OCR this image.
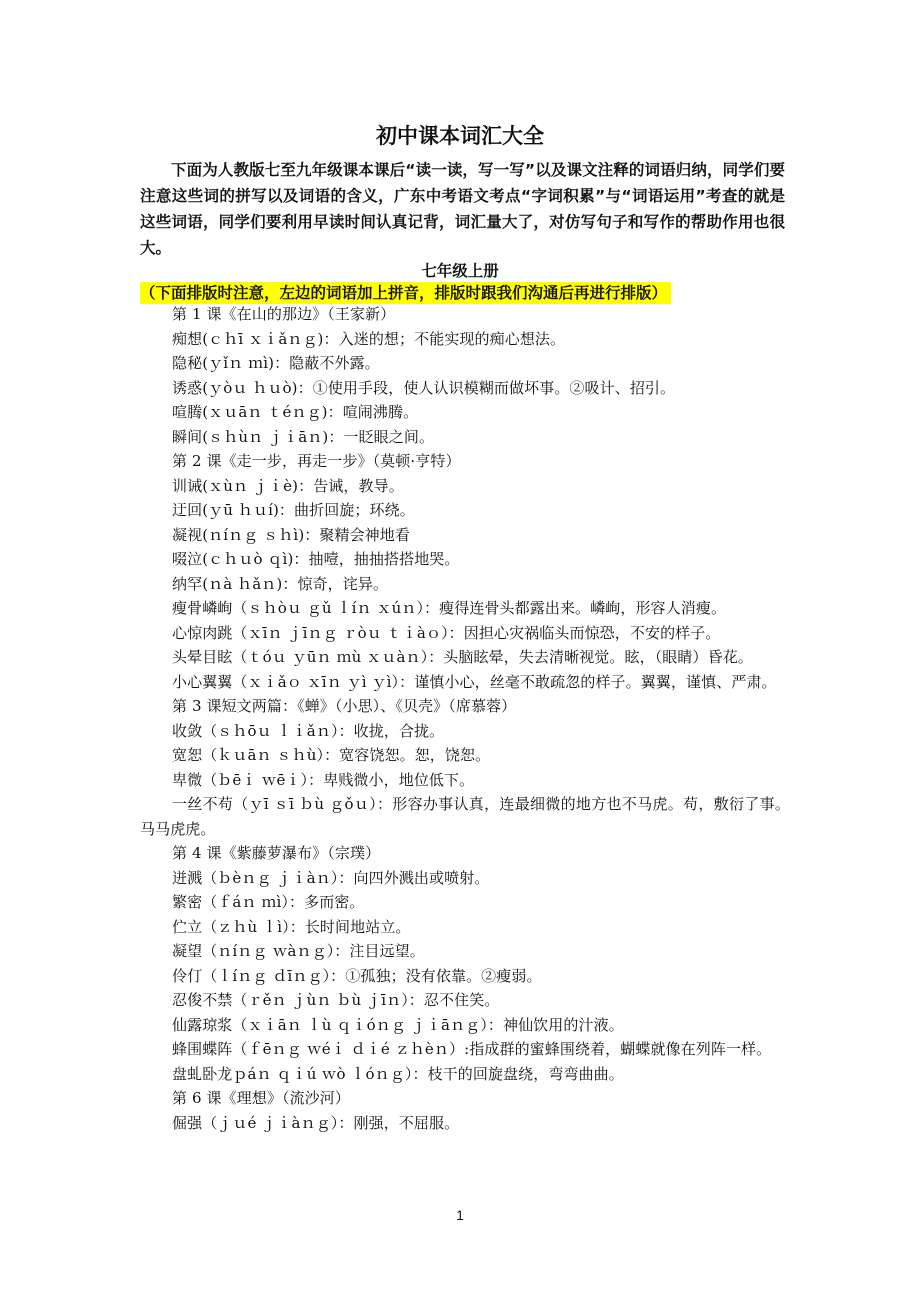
初中课本词汇大全
下面为人教版七至九年级课本课后“读一读，写一写”以及课文注释的词语归纳，同学们要注意这些词的拼写以及词语的含义，广东中考语文考点“字词积累”与“词语运用”考查的就是这些词语，同学们要利用早读时间认真记背，词汇量大了，对仿写句子和写作的帮助作用也很大。
七年级上册
（下面排版时注意，左边的词语加上拼音，排版时跟我们沟通后再进行排版）

第 1 课《在山的那边》（王家新）

痴想(ｃｈī ｘｉǎｎｇ)：入迷的想；不能实现的痴心想法。

隐秘(ｙǐｎ ｍì)：隐蔽不外露。

诱惑(ｙòｕ ｈｕò)：①使用手段，使人认识模糊而做坏事。②吸计、招引。

喧腾(ｘｕāｎ ｔéｎｇ)：喧闹沸腾。

瞬间(ｓｈùｎ ｊｉāｎ)：一眨眼之间。

第 2 课《走一步，再走一步》（莫顿·亨特）

训诫(ｘùｎ ｊｉè)：告诫，教导。

迂回(ｙū ｈｕí)：曲折回旋；环绕。

凝视(ｎíｎｇ ｓｈì)：聚精会神地看

啜泣(ｃｈｕò ｑì)：抽噎，抽抽搭搭地哭。

纳罕(ｎà ｈǎｎ)：惊奇，诧异。

瘦骨嶙峋（ｓｈòｕ ｇǔ ｌíｎ ｘúｎ）：瘦得连骨头都露出来。嶙峋，形容人消瘦。

心惊肉跳（ｘīｎ ｊīｎｇ ｒòｕ ｔｉàｏ）：因担心灾祸临头而惊恐，不安的样子。

头晕目眩（ｔóｕ ｙūｎ ｍù ｘｕàｎ）：头脑眩晕，失去清晰视觉。眩，（眼睛）昏花。

小心翼翼（ｘｉǎｏ ｘīｎ ｙì ｙì）：谨慎小心，丝毫不敢疏忽的样子。翼翼，谨慎、严肃。

第 3 课短文两篇：《蝉》（小思）、《贝壳》（席慕蓉）

收敛（ｓｈōｕ ｌｉǎｎ）：收拢，合拢。

宽恕（ｋｕāｎ ｓｈù）：宽容饶恕。恕，饶恕。

卑微（ｂēｉ ｗēｉ）：卑贱微小，地位低下。

一丝不苟（ｙī ｓī ｂù ｇǒｕ）：形容办事认真，连最细微的地方也不马虎。苟，敷衍了事。马马虎虎。

第 4 课《紫藤萝瀑布》（宗璞）

迸溅（ｂèｎｇ ｊｉàｎ）：向四外溅出或喷射。

繁密（ｆáｎ ｍì）：多而密。

伫立（ｚｈù ｌì）：长时间地站立。

凝望（ｎíｎｇ ｗàｎｇ）：注目远望。

伶仃（ｌíｎｇ ｄīｎｇ）：①孤独；没有依靠。②瘦弱。

忍俊不禁（ｒěｎ ｊùｎ ｂù ｊīｎ）：忍不住笑。

仙露琼浆（ｘｉāｎ ｌù ｑｉóｎｇ ｊｉāｎｇ）：神仙饮用的汁液。

蜂围蝶阵（ｆēｎｇ ｗéｉ ｄｉé ｚｈèｎ）:指成群的蜜蜂围绕着，蝴蝶就像在列阵一样。

盘虬卧龙ｐáｎ ｑｉú ｗò ｌóｎｇ）：枝干的回旋盘绕，弯弯曲曲。

第 6 课《理想》（流沙河）

倔强（ｊｕé ｊｉàｎｇ）：刚强，不屈服。

1
